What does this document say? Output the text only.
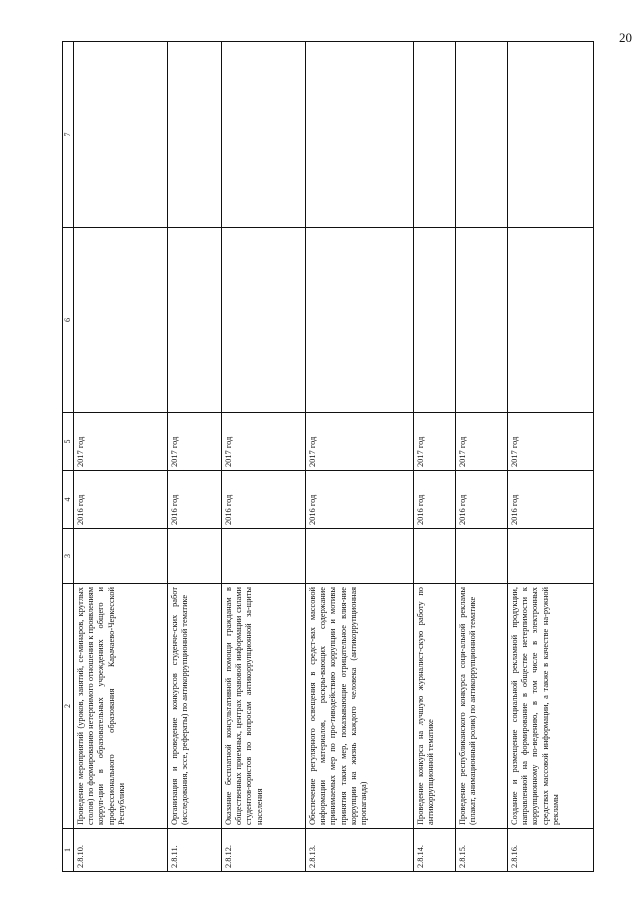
20
1	2	3	4	5	6	7
2.8.10.	Проведение мероприятий (уроков, занятий, се-минаров, круглых столов) по формированию нетерпимого отношения к проявлениям корруп-ции в образовательных учреждениях общего и профессионального образования Карачаево-Черкесской Республики		2016 год	2017 год		
2.8.11.	Организация и проведение конкурсов студенче-ских работ (исследования, эссе, рефераты) по антикоррупционной тематике		2016 год	2017 год		
2.8.12.	Оказание бесплатной консультативной помощи гражданам в общественных приемных, центрах правовой информации силами студентов-юристов по вопросам антикоррупционной за-щиты населения		2016 год	2017 год		
2.8.13.	Обеспечение регулярного освещения в средст-вах массовой информации материалов, раскры-вающих содержание принимаемых мер по про-тиводействию коррупции и мотивы принятия таких мер, показывающие отрицательное влия-ние коррупции на жизнь каждого человека (антикоррупционная пропаганда)		2016 год	2017 год		
2.8.14.	Проведение конкурса на лучшую журналист-скую работу по антикоррупционной тематике		2016 год	2017 год		
2.8.15.	Проведение республиканского конкурса соци-альной рекламы (плакат, анимационный ролик) по антикоррупционной тематике		2016 год	2017 год		
2.8.16.	Создание и размещение социальной рекламной продукции, направленной на формирование в обществе нетерпимости к коррупционному по-ведению, в том числе в электронных средствах массовой информации, а также в качестве на-ружной рекламы		2016 год	2017 год		
